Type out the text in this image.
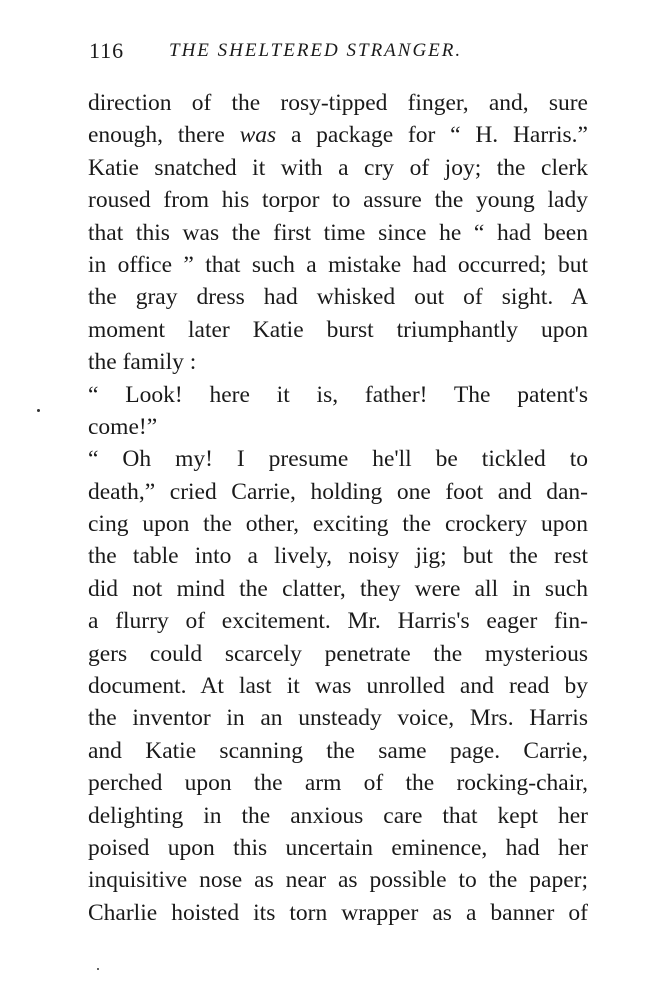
116 THE SHELTERED STRANGER.
direction of the rosy-tipped finger, and, sure
enough, there was a package for “ H. Harris.”
Katie snatched it with a cry of joy; the clerk
roused from his torpor to assure the young lady
that this was the first time since he “ had been
in office ” that such a mistake had occurred; but
the gray dress had whisked out of sight. A
moment later Katie burst triumphantly upon
the family :
“ Look! here it is, father! The patent's
come!”
“ Oh my! I presume he'll be tickled to
death,” cried Carrie, holding one foot and dan-
cing upon the other, exciting the crockery upon
the table into a lively, noisy jig; but the rest
did not mind the clatter, they were all in such
a flurry of excitement. Mr. Harris's eager fin-
gers could scarcely penetrate the mysterious
document. At last it was unrolled and read by
the inventor in an unsteady voice, Mrs. Harris
and Katie scanning the same page. Carrie,
perched upon the arm of the rocking-chair,
delighting in the anxious care that kept her
poised upon this uncertain eminence, had her
inquisitive nose as near as possible to the paper;
Charlie hoisted its torn wrapper as a banner of
